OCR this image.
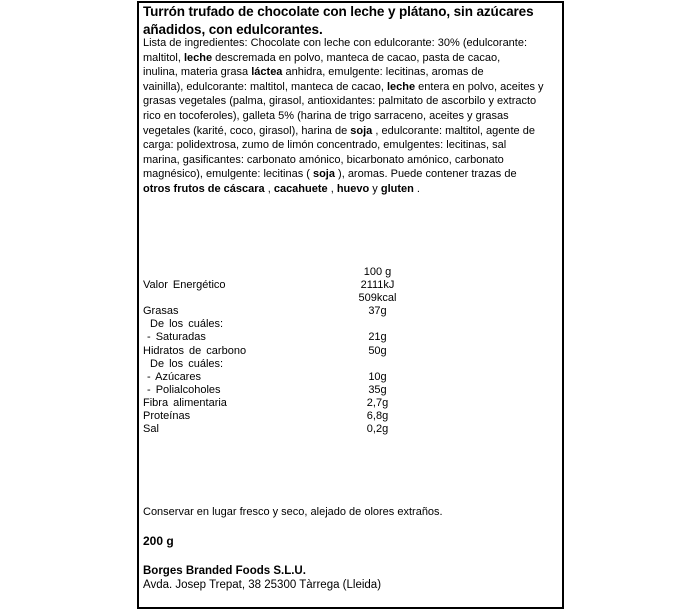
Turrón trufado de chocolate con leche y plátano, sin azúcares
añadidos, con edulcorantes.
Lista de ingredientes: Chocolate con leche con edulcorante: 30% (edulcorante:
maltitol, leche descremada en polvo, manteca de cacao, pasta de cacao,
inulina, materia grasa láctea anhidra, emulgente: lecitinas, aromas de
vainilla), edulcorante: maltitol, manteca de cacao, leche entera en polvo, aceites y
grasas vegetales (palma, girasol, antioxidantes: palmitato de ascorbilo y extracto
rico en tocoferoles), galleta 5% (harina de trigo sarraceno, aceites y grasas
vegetales (karité, coco, girasol), harina de soja , edulcorante: maltitol, agente de
carga: polidextrosa, zumo de limón concentrado, emulgentes: lecitinas, sal
marina, gasificantes: carbonato amónico, bicarbonato amónico, carbonato
magnésico), emulgente: lecitinas ( soja ), aromas. Puede contener trazas de
otros frutos de cáscara , cacahuete , huevo y gluten .
100 g
Valor Energético	2111kJ

509kcal
Grasas	37g
De los cuáles:
- Saturadas	21g
Hidratos de carbono	50g
De los cuáles:
- Azúcares	10g
- Polialcoholes	35g
Fibra alimentaria	2,7g
Proteínas	6,8g
Sal	0,2g
Conservar en lugar fresco y seco, alejado de olores extraños.
200 g
Borges Branded Foods S.L.U.
Avda. Josep Trepat, 38 25300 Tàrrega (Lleida)
